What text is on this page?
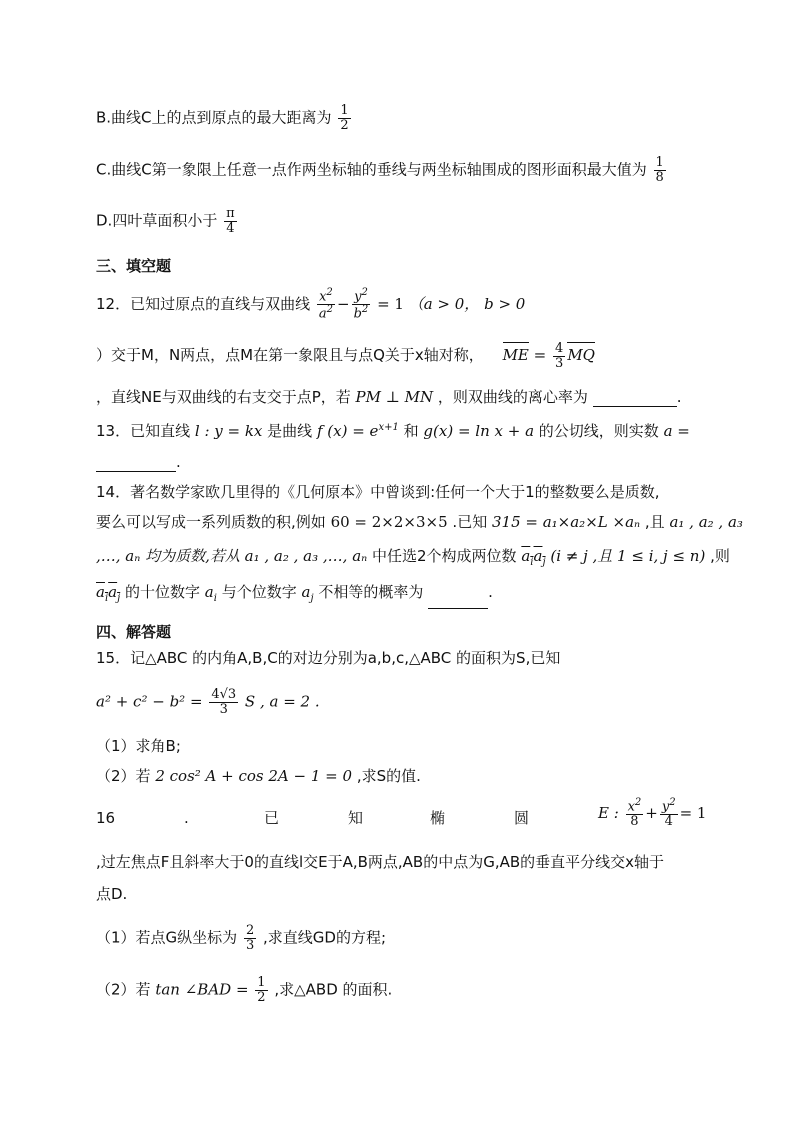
B.曲线C上的点到原点的最大距离为 $\frac{1}{2}$
C.曲线C第一象限上任意一点作两坐标轴的垂线与两坐标轴围成的图形面积最大值为 $\frac{1}{8}$
D.四叶草面积小于 $\frac{\pi}{4}$
三、填空题
12．已知过原点的直线与双曲线 $\frac{x^2}{a^2} - \frac{y^2}{b^2} = 1$ （a > 0， b > 0
）交于M，N两点，点M在第一象限且与点Q关于x轴对称， ME = $\frac{4}{3}$ MQ
，直线NE与双曲线的右支交于点P，若 PM ⊥ MN ，则双曲线的离心率为	.
13．已知直线 l : y = kx 是曲线 f $(x) = e^{x+1}$ 和 g(x) = ln x + a 的公切线，则实数 a =
.
14．著名数学家欧几里得的《几何原本》中曾谈到:任何一个大于1的整数要么是质数,
要么可以写成一系列质数的积,例如 60 = 2×2×3×5 .已知 315 = a₁×a₂×L ×aₙ ,且 a₁ , a₂ , a₃
,…, aₙ 均为质数,若从 a₁ , a₂ , a₃ ,…, aₙ 中任选2个构成两位数 $a_ia_j$ (i ≠ j ,且 1 ≤ i, j ≤ n) ,则
$a_ia_j$ 的十位数字 $a_i$ 与个位数字 $a_j$ 不相等的概率为	.
四、解答题
15．记△ABC 的内角A,B,C的对边分别为a,b,c,△ABC 的面积为S,已知
$a^2 + c^2 - b^2 = \frac{4√3}{3}$ S , a = 2 .
（1）求角B;
（2）若 2 cos² A + cos 2A − 1 = 0 ,求S的值.
16	.	已	知	椭	圆	E : $\frac{x^2}{8} + \frac{y^2}{4} = 1$
,过左焦点F且斜率大于0的直线l交E于A,B两点,AB的中点为G,AB的垂直平分线交x轴于
点D.
（1）若点G纵坐标为 $\frac{2}{3}$ ,求直线GD的方程;
（2）若 tan ∠BAD = $\frac{1}{2}$ ,求△ABD 的面积.
